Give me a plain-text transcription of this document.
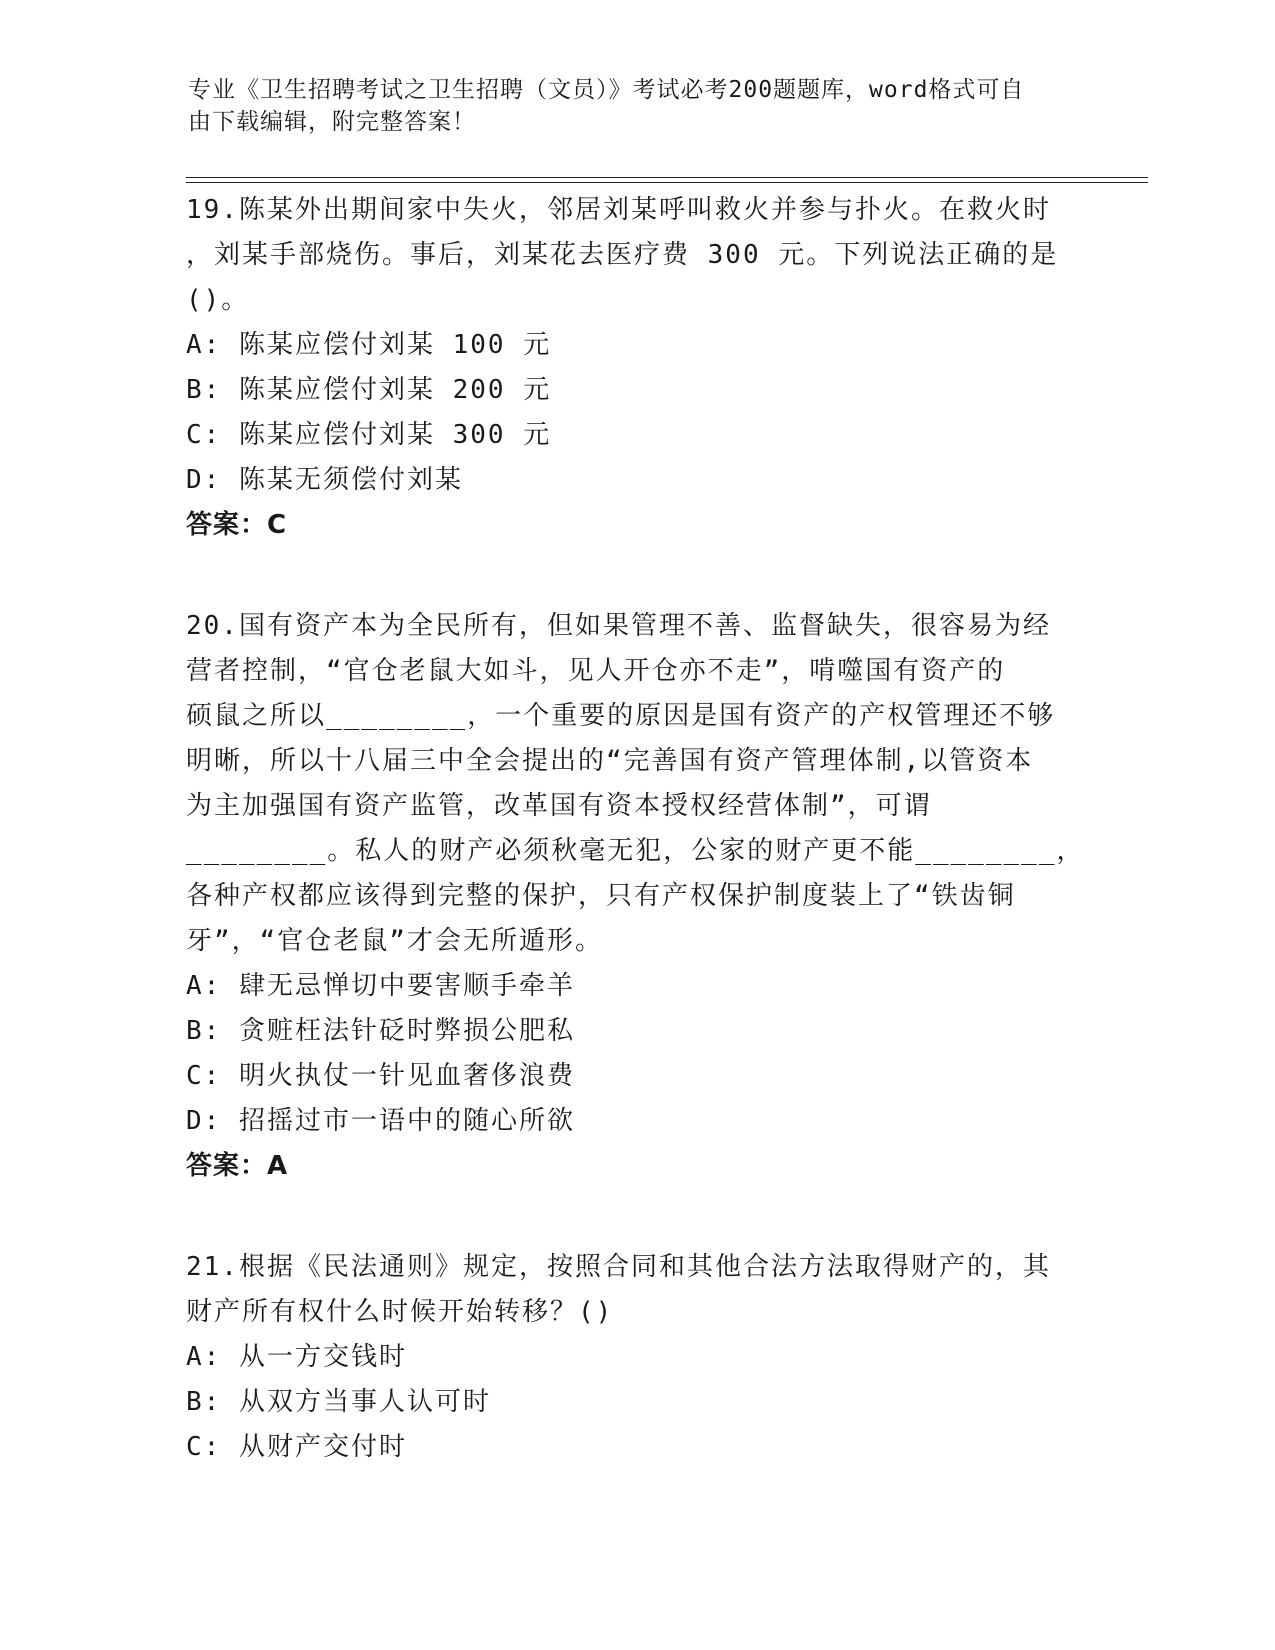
专业《卫生招聘考试之卫生招聘（文员）》考试必考200题题库，word格式可自
由下载编辑，附完整答案！
19.陈某外出期间家中失火，邻居刘某呼叫救火并参与扑火。在救火时
，刘某手部烧伤。事后，刘某花去医疗费 300 元。下列说法正确的是
()。
A: 陈某应偿付刘某 100 元
B: 陈某应偿付刘某 200 元
C: 陈某应偿付刘某 300 元
D: 陈某无须偿付刘某
答案：C
20.国有资产本为全民所有，但如果管理不善、监督缺失，很容易为经
营者控制，“官仓老鼠大如斗，见人开仓亦不走”，啃噬国有资产的
硕鼠之所以________，一个重要的原因是国有资产的产权管理还不够
明晰，所以十八届三中全会提出的“完善国有资产管理体制,以管资本
为主加强国有资产监管，改革国有资本授权经营体制”，可谓
________。私人的财产必须秋毫无犯，公家的财产更不能________，
各种产权都应该得到完整的保护，只有产权保护制度装上了“铁齿铜
牙”，“官仓老鼠”才会无所遁形。
A: 肆无忌惮切中要害顺手牵羊
B: 贪赃枉法针砭时弊损公肥私
C: 明火执仗一针见血奢侈浪费
D: 招摇过市一语中的随心所欲
答案：A
21.根据《民法通则》规定，按照合同和其他合法方法取得财产的，其
财产所有权什么时候开始转移？()
A: 从一方交钱时
B: 从双方当事人认可时
C: 从财产交付时
